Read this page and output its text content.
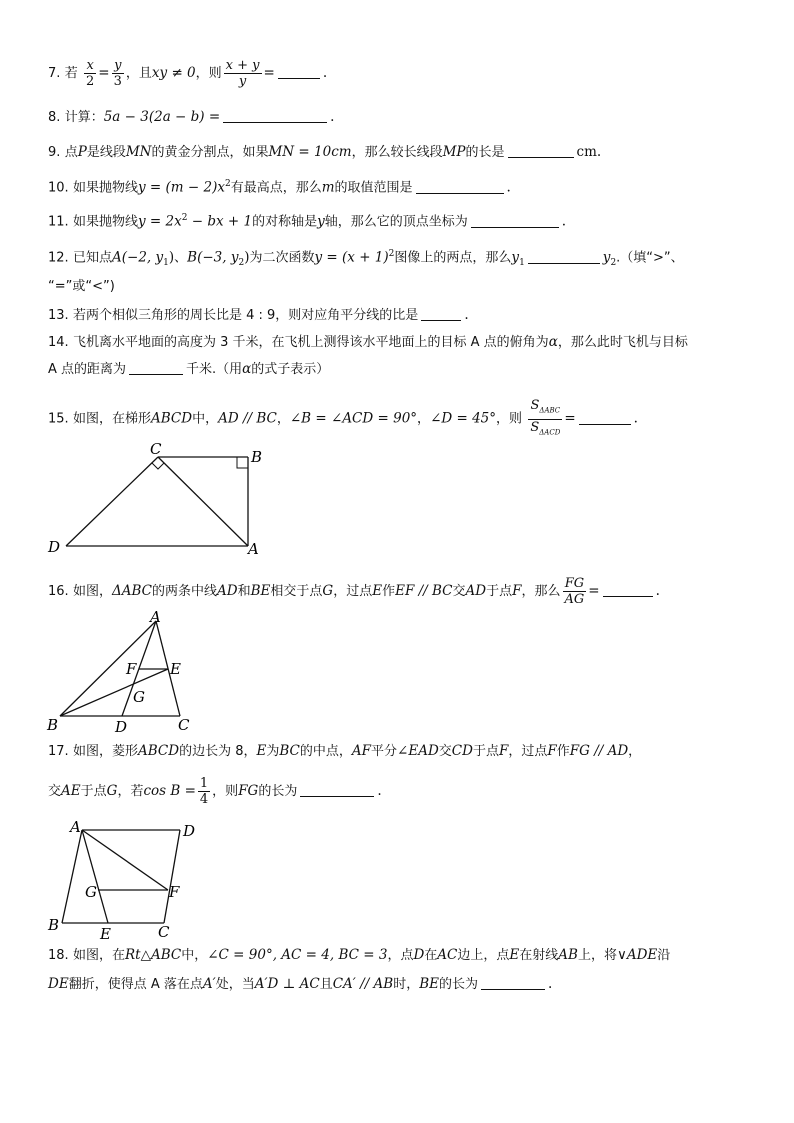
7. 若 $\frac{x}{2} = \frac{y}{3}$ ，且xy ≠ 0，则 $\frac{x + y}{y}$ =	.
8. 计算：5a − 3(2a − b) =	.
9. 点P是线段MN的黄金分割点，如果MN = 10cm，那么较长线段MP的长是	cm.
10. 如果抛物线$y = (m - 2)x^2$有最高点，那么m的取值范围是	.
11. 如果抛物线$y = 2x^2$ − bx + 1的对称轴是y轴，那么它的顶点坐标为	.
12. 已知点A(−2, $y_1$)、B(−3, $y_2$)为二次函数$y = (x + 1)^2$图像上的两点，那么$y_1$	$y_2$.（填“>”、
“=”或“<”)
13. 若两个相似三角形的周长比是 4 : 9，则对应角平分线的比是	.
14. 飞机离水平地面的高度为 3 千米，在飞机上测得该水平地面上的目标 A 点的俯角为α，那么此时飞机与目标
A 点的距离为	千米.（用α的式子表示）
15. 如图，在梯形ABCD中，AD // BC，∠B = ∠ACD = 90°，∠D = 45°，则 $\frac{S_{\Delta ABC}}{S_{\Delta ACD}}$ =	.
C	B
D	A
16. 如图，ΔABC的两条中线AD和BE相交于点G，过点E作EF // BC交AD于点F，那么 $\frac{FG}{AG}$ =	.
A
F E
G
B	D	C
17. 如图，菱形ABCD的边长为 8，E为BC的中点，AF平分∠EAD交CD于点F，过点F作FG // AD，
交AE于点G，若$\cos B = \frac{1}{4}$ ，则FG的长为	.
A	D
G	F
B	E	C
18. 如图，在Rt△ABC中，∠C = 90°, AC = 4, BC = 3，点D在AC边上，点E在射线AB上，将∨ADE沿
DE翻折，使得点 A 落在点A′处，当A′D ⊥ AC且CA′ // AB时，BE的长为	.
